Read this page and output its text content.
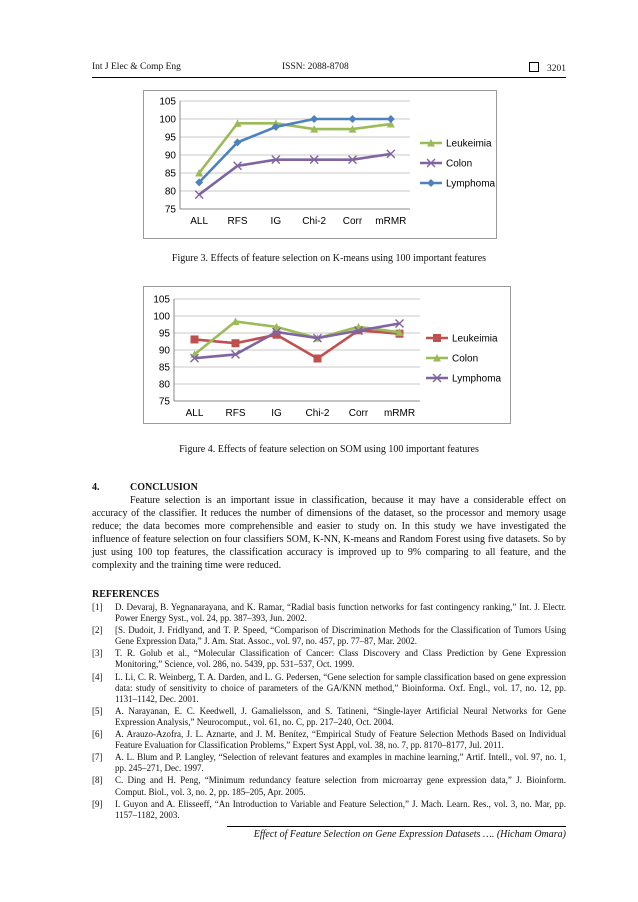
Int J Elec & Comp Eng	ISSN: 2088-8708	3201
75
80
85
90
95
100
105
ALL RFS IG Chi-2 Corr mRMR
Leukeimia
Colon
Lymphoma
Figure 3. Effects of feature selection on K-means using 100 important features
75
80
85
90
95
100
105
ALL RFS	IG Chi-2 Corr mRMR
Leukeimia
Colon
Lymphoma
Figure 4. Effects of feature selection on SOM using 100 important features
4.	CONCLUSION

Feature selection is an important issue in classification, because it may have a considerable effect on accuracy of the classifier. It reduces the number of dimensions of the dataset, so the processor and memory usage reduce; the data becomes more comprehensible and easier to study on. In this study we have investigated the influence of feature selection on four classifiers SOM, K-NN, K-means and Random Forest using five datasets. So by just using 100 top features, the classification accuracy is improved up to 9% comparing to all feature, and the complexity and the training time were reduced.

REFERENCES
[1] D. Devaraj, B. Yegnanarayana, and K. Ramar, “Radial basis function networks for fast contingency ranking,” Int. J. Electr. Power Energy Syst., vol. 24, pp. 387–393, Jun. 2002.
[2] [S. Dudoit, J. Fridlyand, and T. P. Speed, “Comparison of Discrimination Methods for the Classification of Tumors Using Gene Expression Data,” J. Am. Stat. Assoc., vol. 97, no. 457, pp. 77–87, Mar. 2002.
[3] T. R. Golub et al., “Molecular Classification of Cancer: Class Discovery and Class Prediction by Gene Expression Monitoring,” Science, vol. 286, no. 5439, pp. 531–537, Oct. 1999.
[4] L. Li, C. R. Weinberg, T. A. Darden, and L. G. Pedersen, “Gene selection for sample classification based on gene expression data: study of sensitivity to choice of parameters of the GA/KNN method,” Bioinforma. Oxf. Engl., vol. 17, no. 12, pp. 1131–1142, Dec. 2001.
[5] A. Narayanan, E. C. Keedwell, J. Gamalielsson, and S. Tatineni, “Single-layer Artificial Neural Networks for Gene Expression Analysis,” Neurocomput., vol. 61, no. C, pp. 217–240, Oct. 2004.
[6] A. Arauzo-Azofra, J. L. Aznarte, and J. M. Benítez, “Empirical Study of Feature Selection Methods Based on Individual Feature Evaluation for Classification Problems,” Expert Syst Appl, vol. 38, no. 7, pp. 8170–8177, Jul. 2011.
[7] A. L. Blum and P. Langley, “Selection of relevant features and examples in machine learning,” Artif. Intell., vol. 97, no. 1, pp. 245–271, Dec. 1997.
[8] C. Ding and H. Peng, “Minimum redundancy feature selection from microarray gene expression data,” J. Bioinform. Comput. Biol., vol. 3, no. 2, pp. 185–205, Apr. 2005.
[9] I. Guyon and A. Elisseeff, “An Introduction to Variable and Feature Selection,” J. Mach. Learn. Res., vol. 3, no. Mar, pp. 1157–1182, 2003.
Effect of Feature Selection on Gene Expression Datasets …. (Hicham Omara)
